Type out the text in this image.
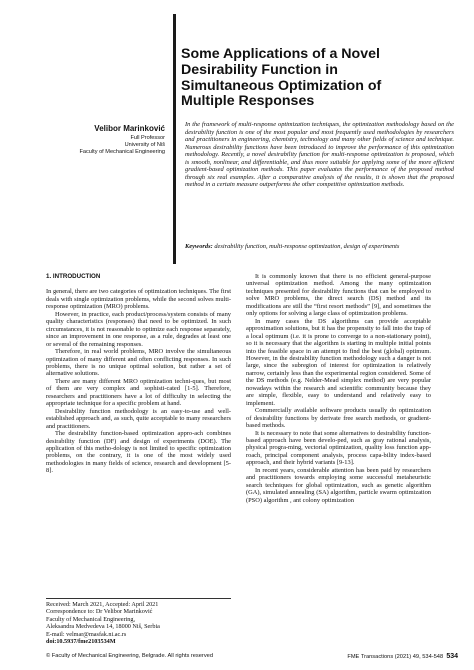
Some Applications of a Novel
Desirability Function in
Simultaneous Optimization of
Multiple Responses
Velibor Marinković
Full Professor
University of Niš
Faculty of Mechanical Engineering
In the framework of multi-response optimization techniques, the optimization methodology based on the desirability function is one of the most popular and most frequently used methodologies by researchers and practitioners in engineering, chemistry, technology and many other fields of science and technique. Numerous desirability functions have been introduced to improve the performance of this optimization methodology. Recently, a novel desirability function for multi-response optimization is proposed, which is smooth, nonlinear, and differentiable, and thus more suitable for applying some of the more efficient gradient-based optimization methods. This paper evaluates the performance of the proposed method through six real examples. After a comparative analysis of the results, it is shown that the proposed method in a certain measure outperforms the other competitive optimization methods.
Keywords: desirability function, multi-response optimization, design of experiments
1. INTRODUCTION

In general, there are two categories of optimization techniques. The first deals with single optimization problems, while the second solves multi-response optimization (MRO) problems.

However, in practice, each product/process/system consists of many quality characteristics (responses) that need to be optimized. In such circumstances, it is not reasonable to optimize each response separately, since an improvement in one response, as a rule, degrades at least one or several of the remaining responses.

Therefore, in real world problems, MRO involve the simultaneous optimization of many different and often conflicting responses. In such problems, there is no unique optimal solution, but rather a set of alternative solutions.

There are many different MRO optimization techni-ques, but most of them are very complex and sophisti-cated [1-5]. Therefore, researchers and practitioners have a lot of difficulty in selecting the appropriate technique for a specific problem at hand.

Desirability function methodology is an easy-to-use and well-established approach and, as such, quite acceptable to many researchers and practitioners.

The desirability function-based optimization appro-ach combines desirability function (DF) and design of experiments (DOE). The application of this metho-dology is not limited to specific optimization problems, on the contrary, it is one of the most widely used methodologies in many fields of science, research and development [5-8].

It is commonly known that there is no efficient general-purpose universal optimization method. Among the many optimization techniques presented for desirability functions that can be employed to solve MRO problems, the direct search (DS) method and its modifications are still the “first resort methods” [9], and sometimes the only options for solving a large class of optimization problems.

In many cases the DS algorithms can provide acceptable approximation solutions, but it has the propensity to fall into the trap of a local optimum (i.e. it is prone to converge to a non-stationary point), so it is necessary that the algorithm is starting in multiple initial points into the feasible space in an attempt to find the best (global) optimum. However, in the desirability function methodology such a danger is not large, since the subregion of interest for optimization is relatively narrow, certainly less than the experimental region considered. Some of the DS methods (e.g. Nelder-Mead simplex method) are very popular nowadays within the research and scientific community because they are simple, flexible, easy to understand and relatively easy to implement.

Commercially available software products usually do optimization of desirability functions by derivate free search methods, or gradient-based methods.

It is necessary to note that some alternatives to desirability function-based approach have been develo-ped, such as gray rational analysis, physical progra-ming, vectorial optimization, quality loss function app-roach, principal component analysis, process capa-bility index-based approach, and their hybrid variants [9-13].

In recent years, considerable attention has been paid by researchers and practitioners towards employing some successful metaheuristic search techniques for global optimization, such as genetic algorithm (GA), simulated annealing (SA) algorithm, particle swarm optimization (PSO) algorithm , ant colony optimization

Received: March 2021, Accepted: April 2021
Correspondence to: Dr Velibor Marinković
Faculty of Mechanical Engineering,
Aleksandra Medvedeva 14, 18000 Niš, Serbia
E-mail: velmar@masfak.ni.ac.rs
doi:10.5937/fme2103534M
© Faculty of Mechanical Engineering, Belgrade. All rights reserved	FME Transactions (2021) 49, 534-548 534
